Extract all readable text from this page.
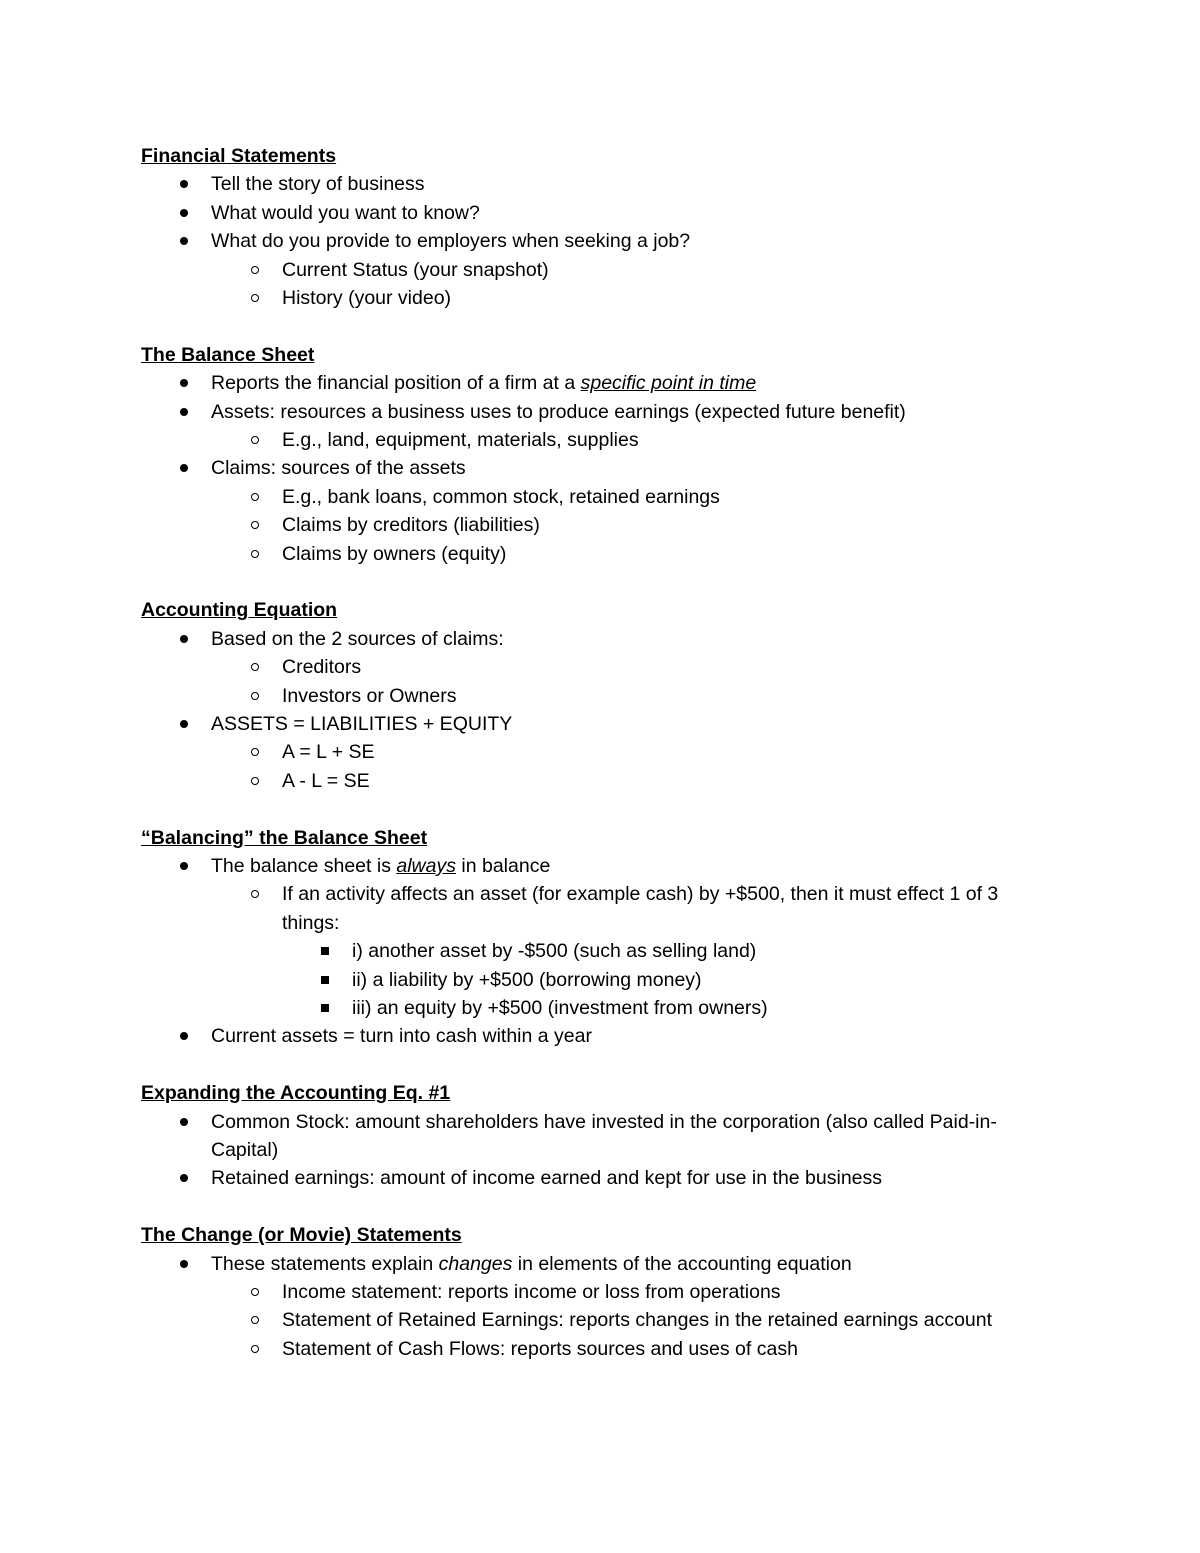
Financial Statements
Tell the story of business
What would you want to know?
What do you provide to employers when seeking a job?
Current Status (your snapshot)
History (your video)
The Balance Sheet
Reports the financial position of a firm at a specific point in time
Assets: resources a business uses to produce earnings (expected future benefit)
E.g., land, equipment, materials, supplies
Claims: sources of the assets
E.g., bank loans, common stock, retained earnings
Claims by creditors (liabilities)
Claims by owners (equity)
Accounting Equation
Based on the 2 sources of claims:
Creditors
Investors or Owners
ASSETS = LIABILITIES + EQUITY
A = L + SE
A - L = SE
“Balancing” the Balance Sheet
The balance sheet is always in balance
If an activity affects an asset (for example cash) by +$500, then it must effect 1 of 3 things:
i) another asset by -$500 (such as selling land)
ii) a liability by +$500 (borrowing money)
iii) an equity by +$500 (investment from owners)
Current assets = turn into cash within a year
Expanding the Accounting Eq. #1
Common Stock: amount shareholders have invested in the corporation (also called Paid-in-Capital)
Retained earnings: amount of income earned and kept for use in the business
The Change (or Movie) Statements
These statements explain changes in elements of the accounting equation
Income statement: reports income or loss from operations
Statement of Retained Earnings: reports changes in the retained earnings account
Statement of Cash Flows: reports sources and uses of cash
